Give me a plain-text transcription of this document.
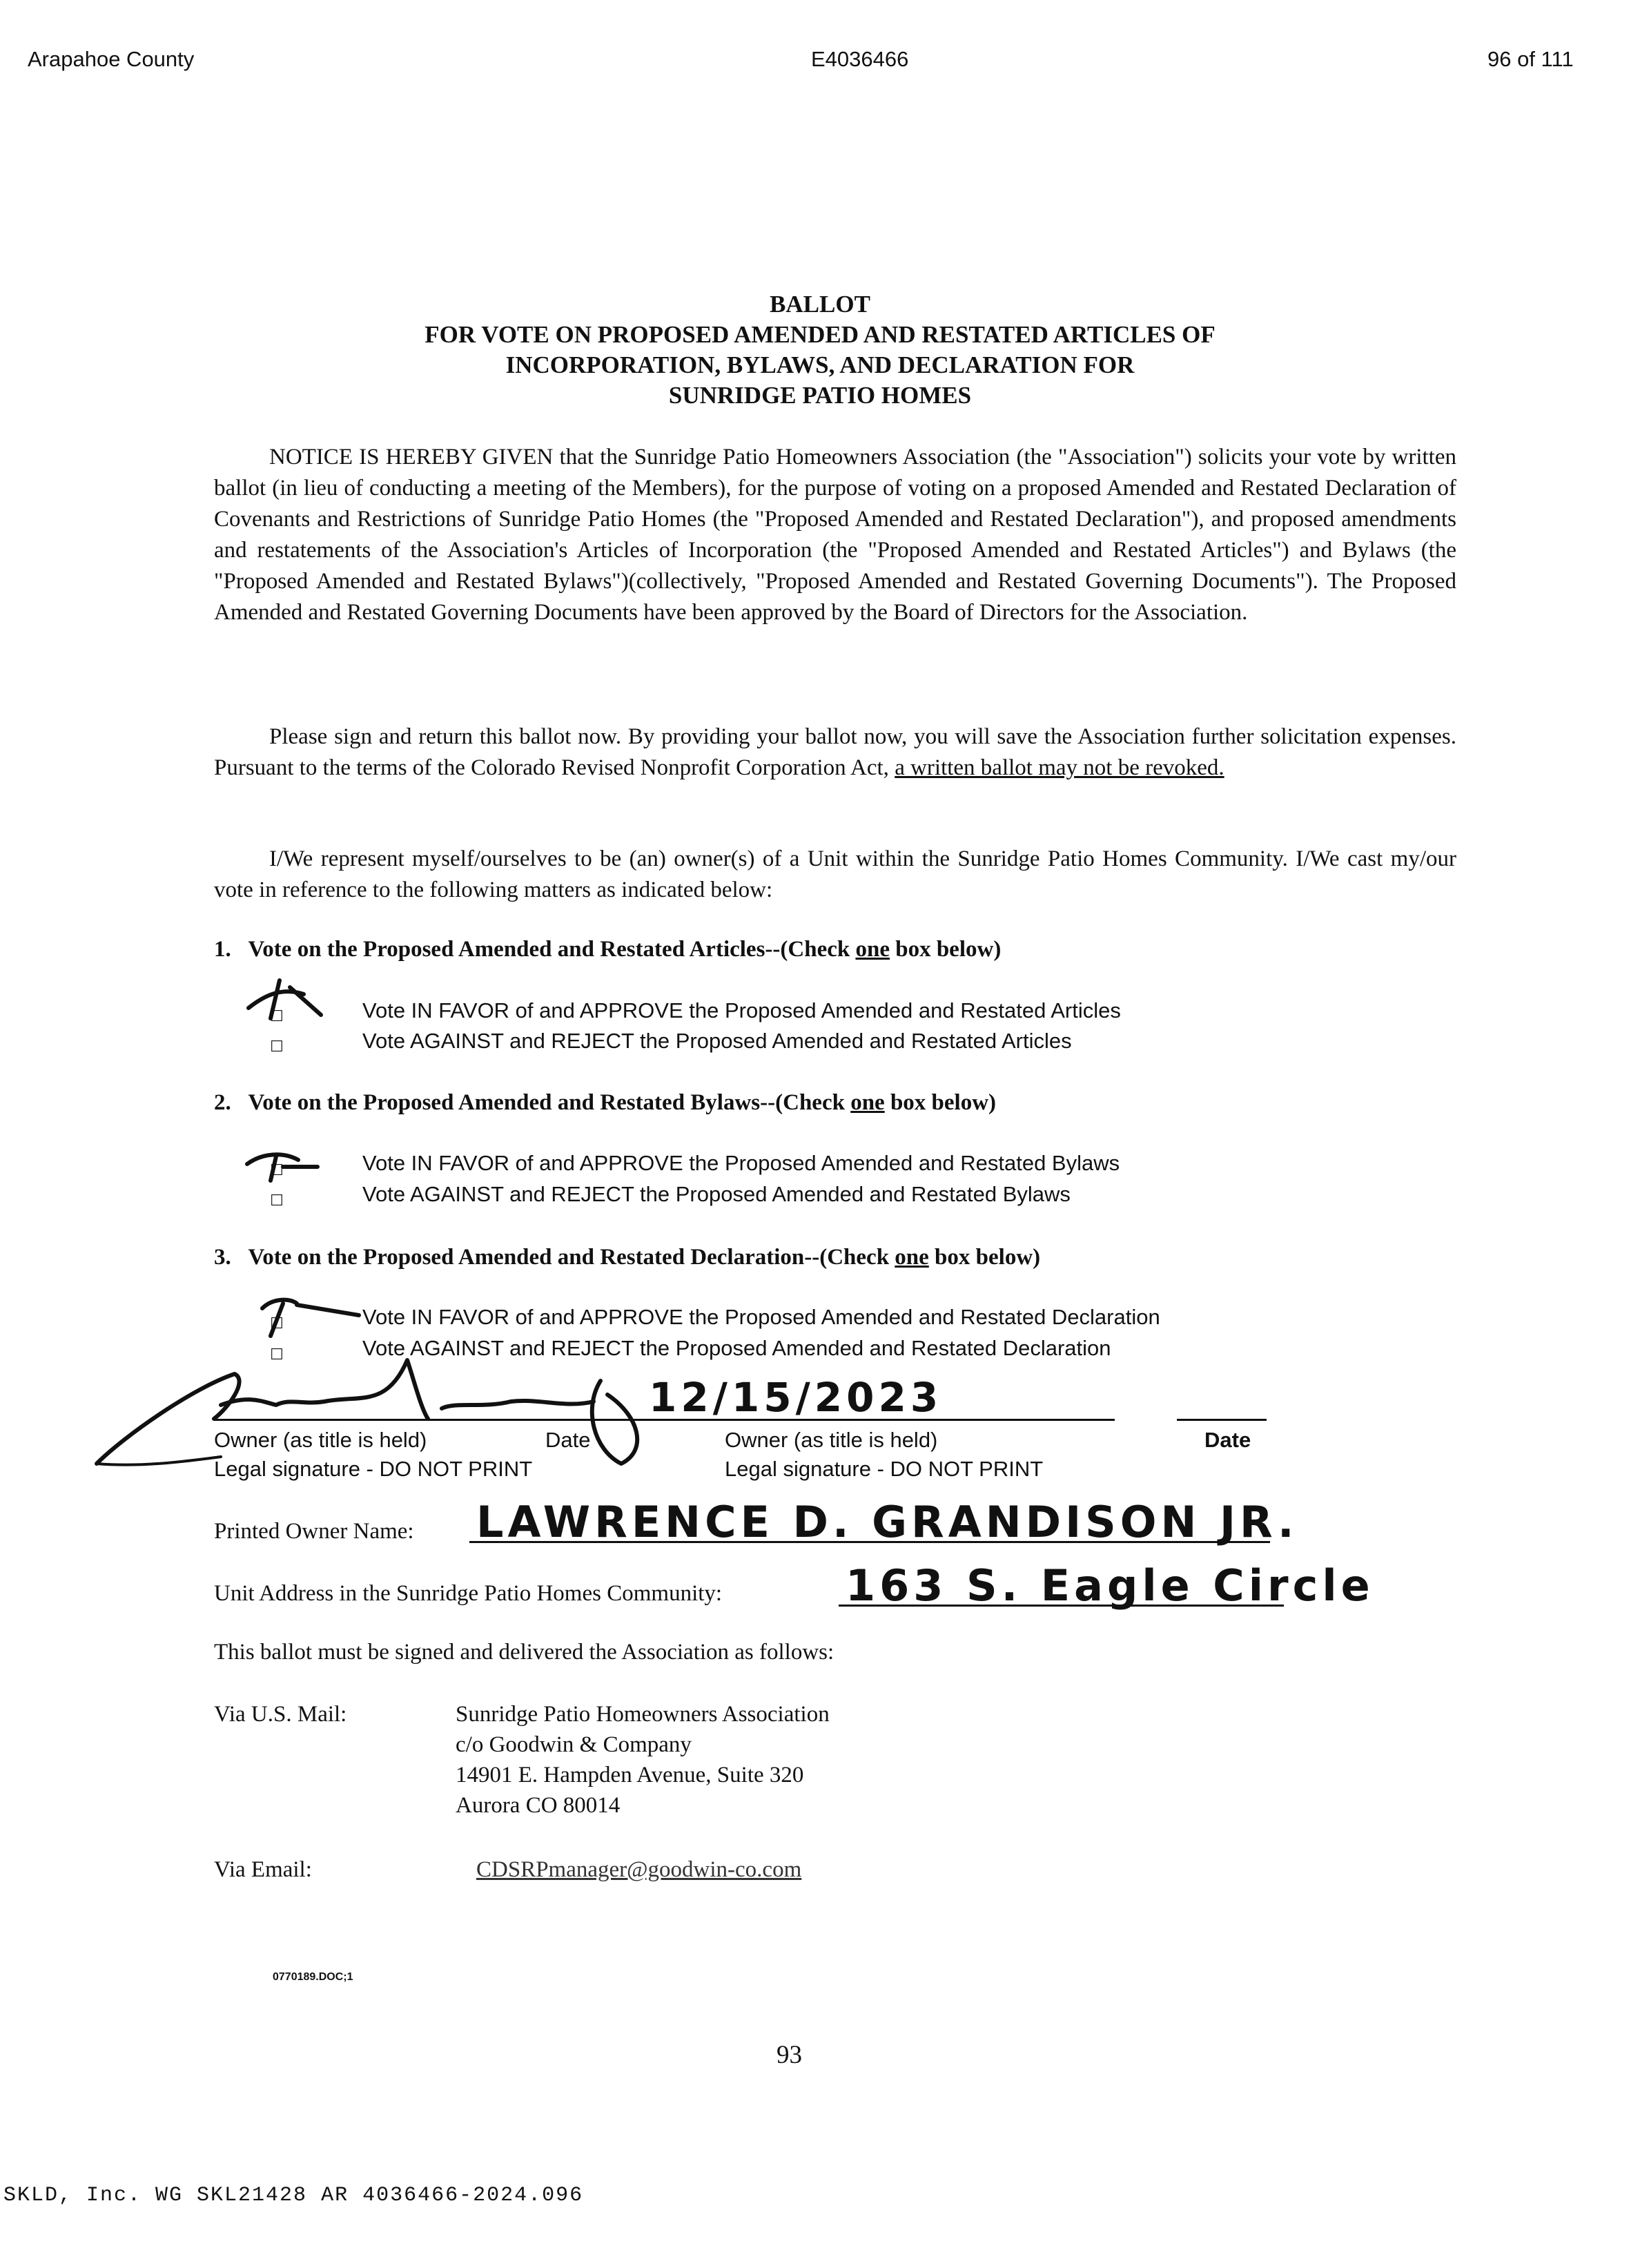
Arapahoe County	E4036466	96 of 111
BALLOT
FOR VOTE ON PROPOSED AMENDED AND RESTATED ARTICLES OF
INCORPORATION, BYLAWS, AND DECLARATION FOR
SUNRIDGE PATIO HOMES
NOTICE IS HEREBY GIVEN that the Sunridge Patio Homeowners Association (the "Association") solicits your vote by written ballot (in lieu of conducting a meeting of the Members), for the purpose of voting on a proposed Amended and Restated Declaration of Covenants and Restrictions of Sunridge Patio Homes (the "Proposed Amended and Restated Declaration"), and proposed amendments and restatements of the Association's Articles of Incorporation (the "Proposed Amended and Restated Articles") and Bylaws (the "Proposed Amended and Restated Bylaws")(collectively, "Proposed Amended and Restated Governing Documents"). The Proposed Amended and Restated Governing Documents have been approved by the Board of Directors for the Association.
Please sign and return this ballot now. By providing your ballot now, you will save the Association further solicitation expenses. Pursuant to the terms of the Colorado Revised Nonprofit Corporation Act, a written ballot may not be revoked.
I/We represent myself/ourselves to be (an) owner(s) of a Unit within the Sunridge Patio Homes Community. I/We cast my/our vote in reference to the following matters as indicated below:
1. Vote on the Proposed Amended and Restated Articles--(Check one box below)
☐	Vote IN FAVOR of and APPROVE the Proposed Amended and Restated Articles
☐	Vote AGAINST and REJECT the Proposed Amended and Restated Articles
2. Vote on the Proposed Amended and Restated Bylaws--(Check one box below)
☐	Vote IN FAVOR of and APPROVE the Proposed Amended and Restated Bylaws
☐	Vote AGAINST and REJECT the Proposed Amended and Restated Bylaws
3. Vote on the Proposed Amended and Restated Declaration--(Check one box below)
☐	Vote IN FAVOR of and APPROVE the Proposed Amended and Restated Declaration
☐	Vote AGAINST and REJECT the Proposed Amended and Restated Declaration
12/15/2023
Owner (as title is held)	Date	Owner (as title is held)	Date
Legal signature - DO NOT PRINT	Legal signature - DO NOT PRINT
Printed Owner Name: LAWRENCE D. GRANDISON JR.
Unit Address in the Sunridge Patio Homes Community:	163 S. Eagle Circle
This ballot must be signed and delivered the Association as follows:
Via U.S. Mail:	Sunridge Patio Homeowners Association
c/o Goodwin & Company
14901 E. Hampden Avenue, Suite 320
Aurora CO 80014
Via Email:	CDSRPmanager@goodwin-co.com
0770189.DOC;1
93
SKLD, Inc. WG SKL21428 AR 4036466-2024.096
